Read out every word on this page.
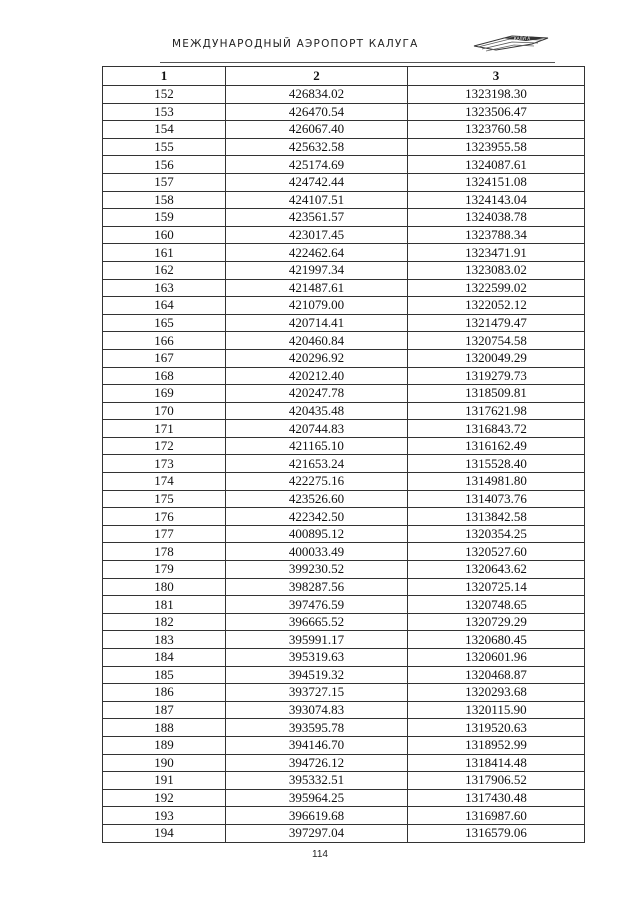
МЕЖДУНАРОДНЫЙ АЭРОПОРТ КАЛУГА	КАЛУГА
1	2	3
152	426834.02	1323198.30
153	426470.54	1323506.47
154	426067.40	1323760.58
155	425632.58	1323955.58
156	425174.69	1324087.61
157	424742.44	1324151.08
158	424107.51	1324143.04
159	423561.57	1324038.78
160	423017.45	1323788.34
161	422462.64	1323471.91
162	421997.34	1323083.02
163	421487.61	1322599.02
164	421079.00	1322052.12
165	420714.41	1321479.47
166	420460.84	1320754.58
167	420296.92	1320049.29
168	420212.40	1319279.73
169	420247.78	1318509.81
170	420435.48	1317621.98
171	420744.83	1316843.72
172	421165.10	1316162.49
173	421653.24	1315528.40
174	422275.16	1314981.80
175	423526.60	1314073.76
176	422342.50	1313842.58
177	400895.12	1320354.25
178	400033.49	1320527.60
179	399230.52	1320643.62
180	398287.56	1320725.14
181	397476.59	1320748.65
182	396665.52	1320729.29
183	395991.17	1320680.45
184	395319.63	1320601.96
185	394519.32	1320468.87
186	393727.15	1320293.68
187	393074.83	1320115.90
188	393595.78	1319520.63
189	394146.70	1318952.99
190	394726.12	1318414.48
191	395332.51	1317906.52
192	395964.25	1317430.48
193	396619.68	1316987.60
194	397297.04	1316579.06
114
